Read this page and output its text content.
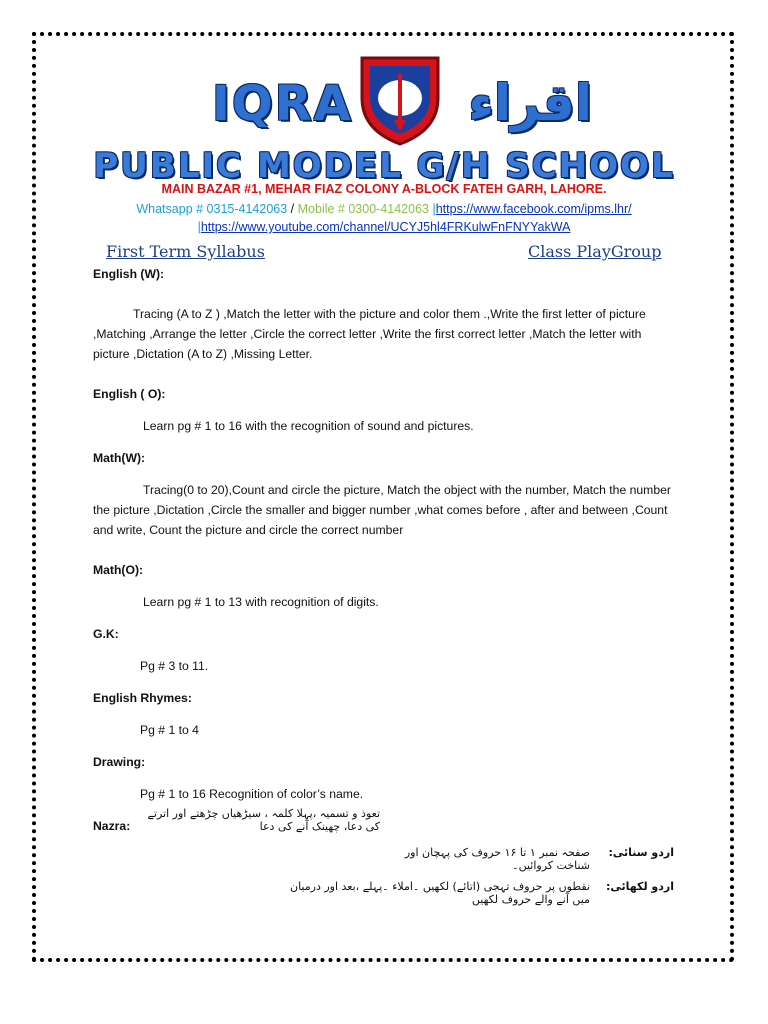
IQRA اقراء
PUBLIC MODEL G/H SCHOOL
MAIN BAZAR #1, MEHAR FIAZ COLONY A-BLOCK FATEH GARH, LAHORE.
Whatsapp # 0315-4142063 / Mobile # 0300-4142063 |https://www.facebook.com/ipms.lhr/
|https://www.youtube.com/channel/UCYJ5hl4FRKulwFnFNYYakWA
First Term Syllabus	Class PlayGroup

English (W):

Tracing (A to Z ) ,Match the letter with the picture and color them .,Write the first letter of picture ,Matching ,Arrange the letter ,Circle the correct letter ,Write the first correct letter ,Match the letter with picture ,Dictation (A to Z) ,Missing Letter.

English ( O):

Learn pg # 1 to 16 with the recognition of sound and pictures.

Math(W):

Tracing(0 to 20),Count and circle the picture, Match the object with the number, Match the number the picture ,Dictation ,Circle the smaller and bigger number ,what comes before , after and between ,Count and write, Count the picture and circle the correct number

Math(O):

Learn pg # 1 to 13 with recognition of digits.

G.K:

Pg # 3 to 11.

English Rhymes:

Pg # 1 to 4

Drawing:

Pg # 1 to 16 Recognition of color’s name.

Nazra:

تعوذ و تسمیہ ،پہلا کلمہ ، سیڑھیاں چڑھتے اور اترتے کی دعا، چھینک آنے کی دعا
اردو سنائی:
صفحہ نمبر ۱ تا ۱۶ حروف کی پہچان اور شناخت کروائیں۔
اردو لکھائی:
نقطوں پر حروف تہجی (اتائے) لکھیں ۔املاء ۔پہلے ،بعد اور درمیان میں آنے والے حروف لکھیں
